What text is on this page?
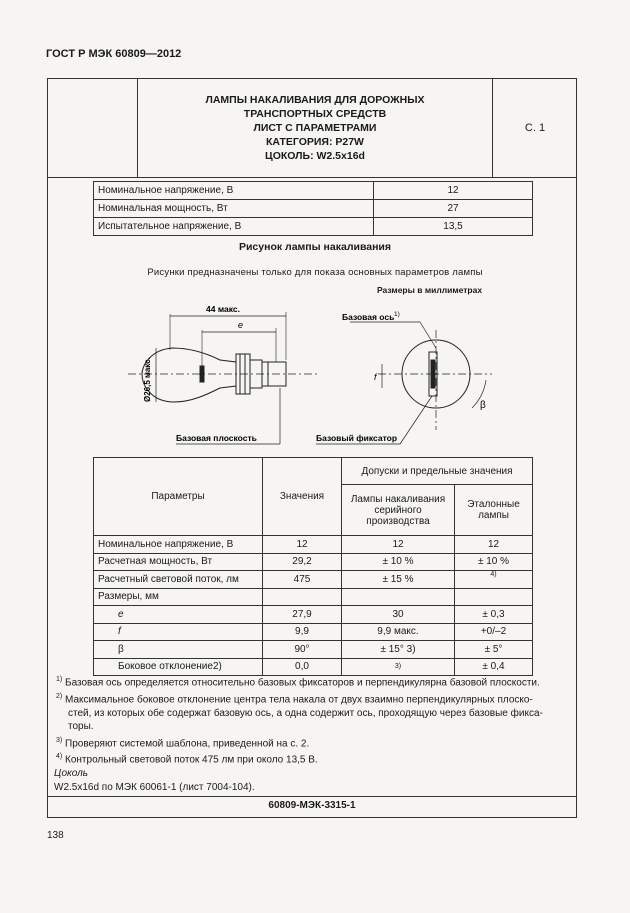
ГОСТ Р МЭК 60809—2012
ЛАМПЫ НАКАЛИВАНИЯ ДЛЯ ДОРОЖНЫХ
ТРАНСПОРТНЫХ СРЕДСТВ
ЛИСТ С ПАРАМЕТРАМИ
КАТЕГОРИЯ: P27W
ЦОКОЛЬ: W2.5x16d
С. 1
Номинальное напряжение, В	12
Номинальная мощность, Вт	27
Испытательное напряжение, В	13,5
Рисунок лампы накаливания
Рисунки предназначены только для показа основных параметров лампы
Размеры в миллиметрах
44 макс.
e
Ø26,5 макс.
Базовая плоскость
Базовая ось 1)
Базовый фиксатор
f
β
Параметры	Значения	Допуски и предельные значения	
		Лампы накаливания серийного производства	Эталонные лампы
Номинальное напряжение, В	12	12	12
Расчетная мощность, Вт	29,2	± 10 %	± 10 %
Расчетный световой поток, лм	475	± 15 %	4)
Размеры, мм			
e	27,9	30	± 0,3
f	9,9	9,9 макс.	+0/–2
β	90°	± 15° 3)	± 5°
Боковое отклонение2)	0,0	3)	± 0,4
$^{1)}$ Базовая ось определяется относительно базовых фиксаторов и перпендикулярна базовой плоскости.
$^{2)}$ Максимальное боковое отклонение центра тела накала от двух взаимно перпендикулярных плоско-
стей, из которых обе содержат базовую ось, а одна содержит ось, проходящую через базовые фикса-
торы.
$^{3)}$ Проверяют системой шаблона, приведенной на с. 2.
$^{4)}$ Контрольный световой поток 475 лм при около 13,5 В.
Цоколь
W2.5x16d по МЭК 60061-1 (лист 7004-104).
60809-МЭК-3315-1
138
